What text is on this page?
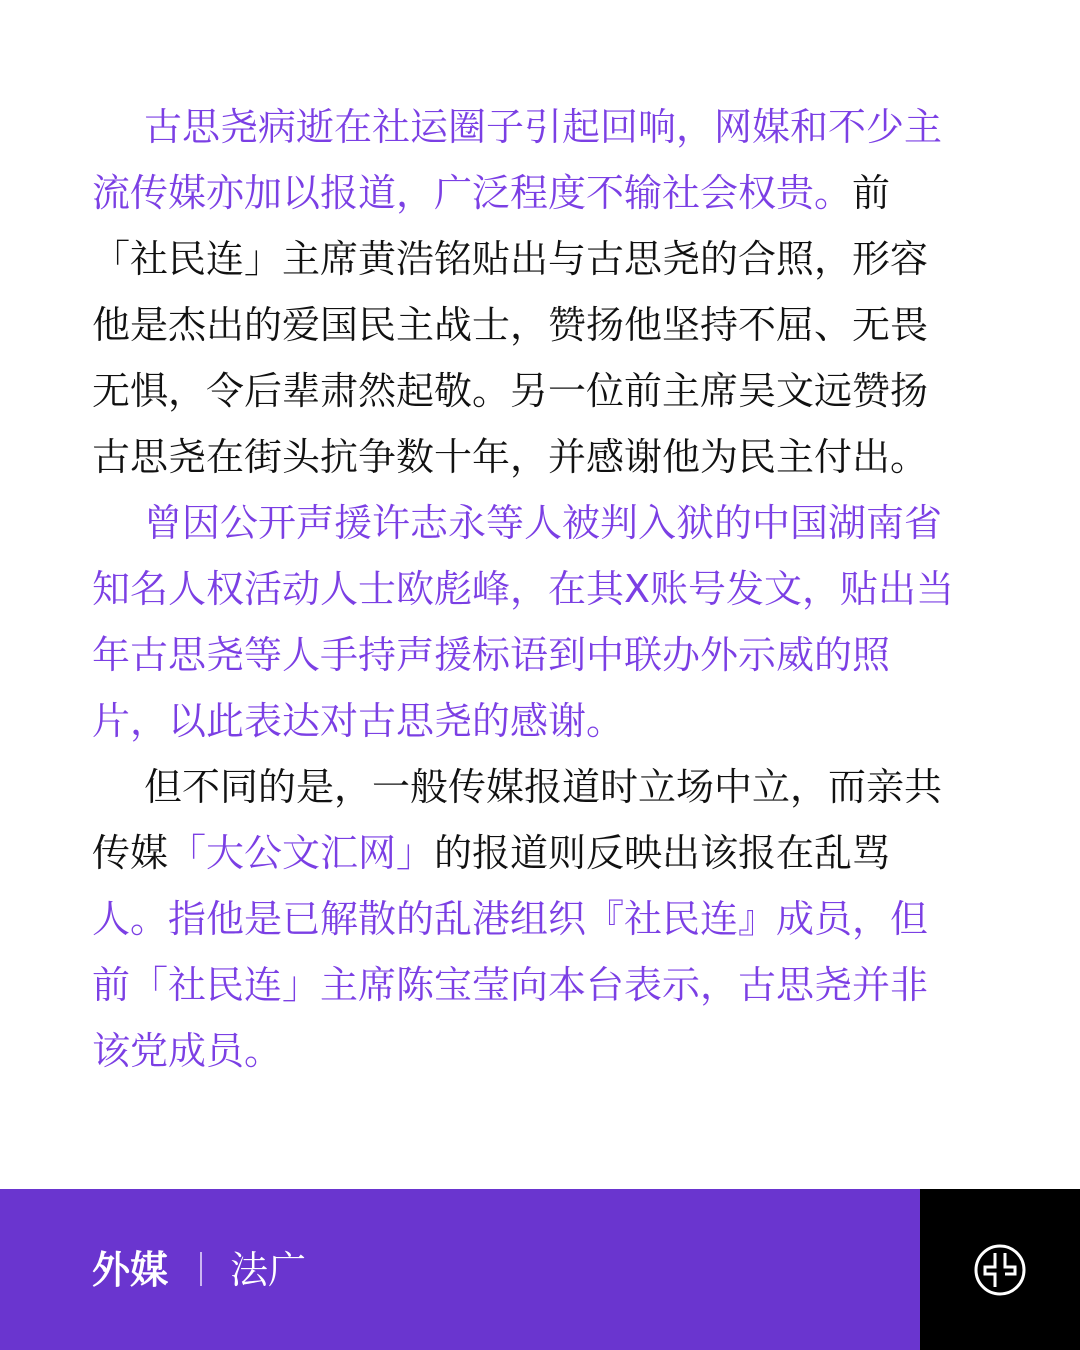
古思尧病逝在社运圈子引起回响，网媒和不少主
流传媒亦加以报道，广泛程度不输社会权贵。前
「社民连」主席黄浩铭贴出与古思尧的合照，形容
他是杰出的爱国民主战士，赞扬他坚持不屈、无畏
无惧，令后辈肃然起敬。另一位前主席吴文远赞扬
古思尧在街头抗争数十年，并感谢他为民主付出。
曾因公开声援许志永等人被判入狱的中国湖南省
知名人权活动人士欧彪峰，在其X账号发文，贴出当
年古思尧等人手持声援标语到中联办外示威的照
片，以此表达对古思尧的感谢。
但不同的是，一般传媒报道时立场中立，而亲共
传媒「大公文汇网」的报道则反映出该报在乱骂
人。指他是已解散的乱港组织『社民连』成员，但
前「社民连」主席陈宝莹向本台表示，古思尧并非
该党成员。
外媒 法广
